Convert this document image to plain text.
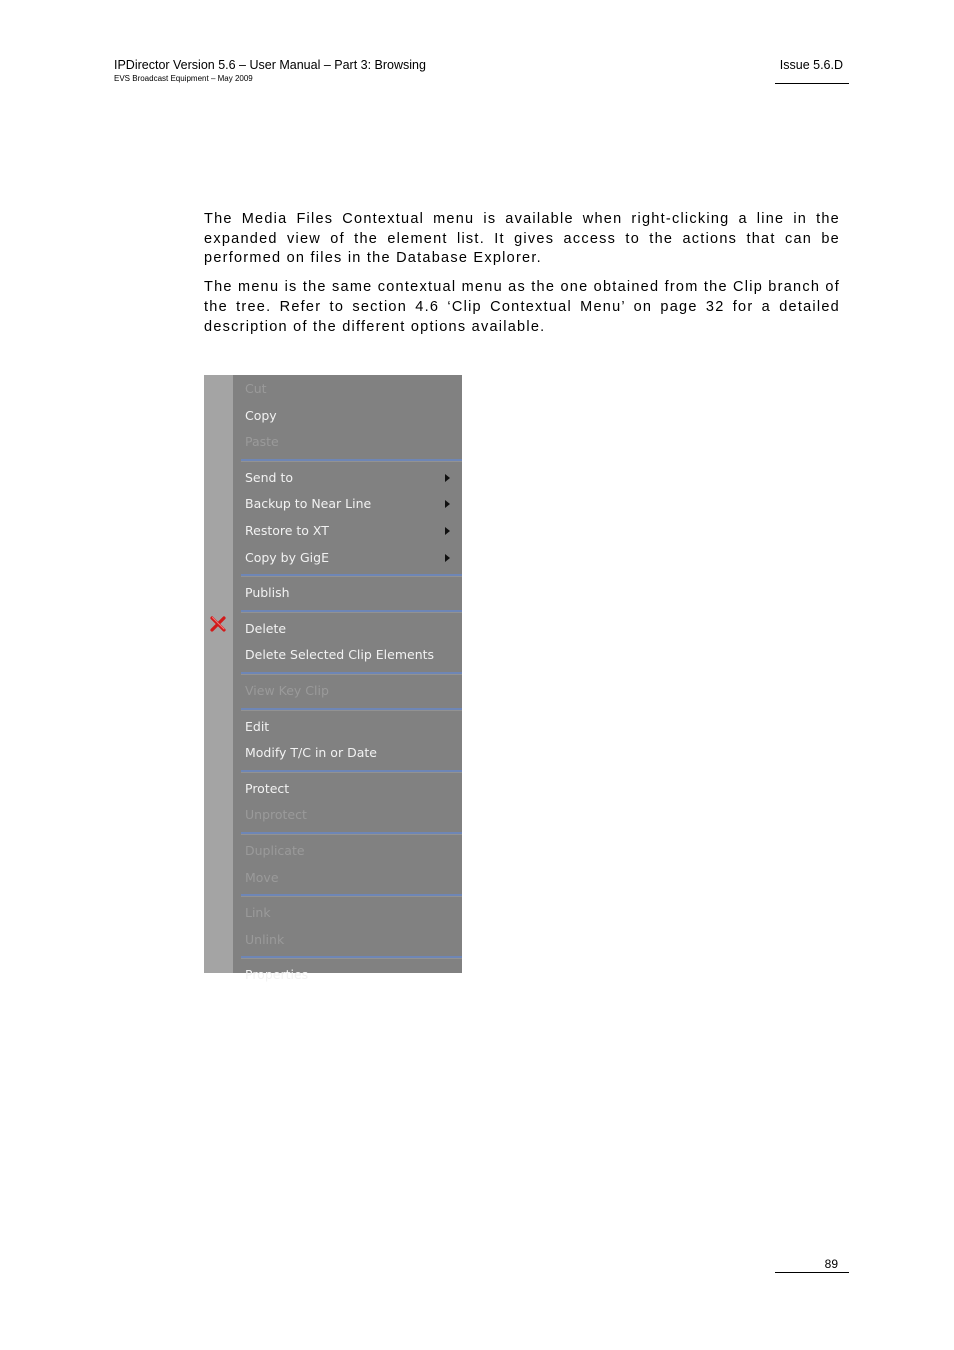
IPDirector Version 5.6 – User Manual – Part 3: Browsing
EVS Broadcast Equipment – May 2009
Issue 5.6.D

The Media Files Contextual menu is available when right-clicking a line in the expanded view of the element list. It gives access to the actions that can be performed on files in the Database Explorer.

The menu is the same contextual menu as the one obtained from the Clip branch of the tree. Refer to section 4.6 ‘Clip Contextual Menu’ on page 32 for a detailed description of the different options available.

Cut
Copy
Paste
Send to
Backup to Near Line
Restore to XT
Copy by GigE
Publish
Delete
Delete Selected Clip Elements
View Key Clip
Edit
Modify T/C in or Date
Protect
Unprotect
Duplicate
Move
Link
Unlink
Properties
89
